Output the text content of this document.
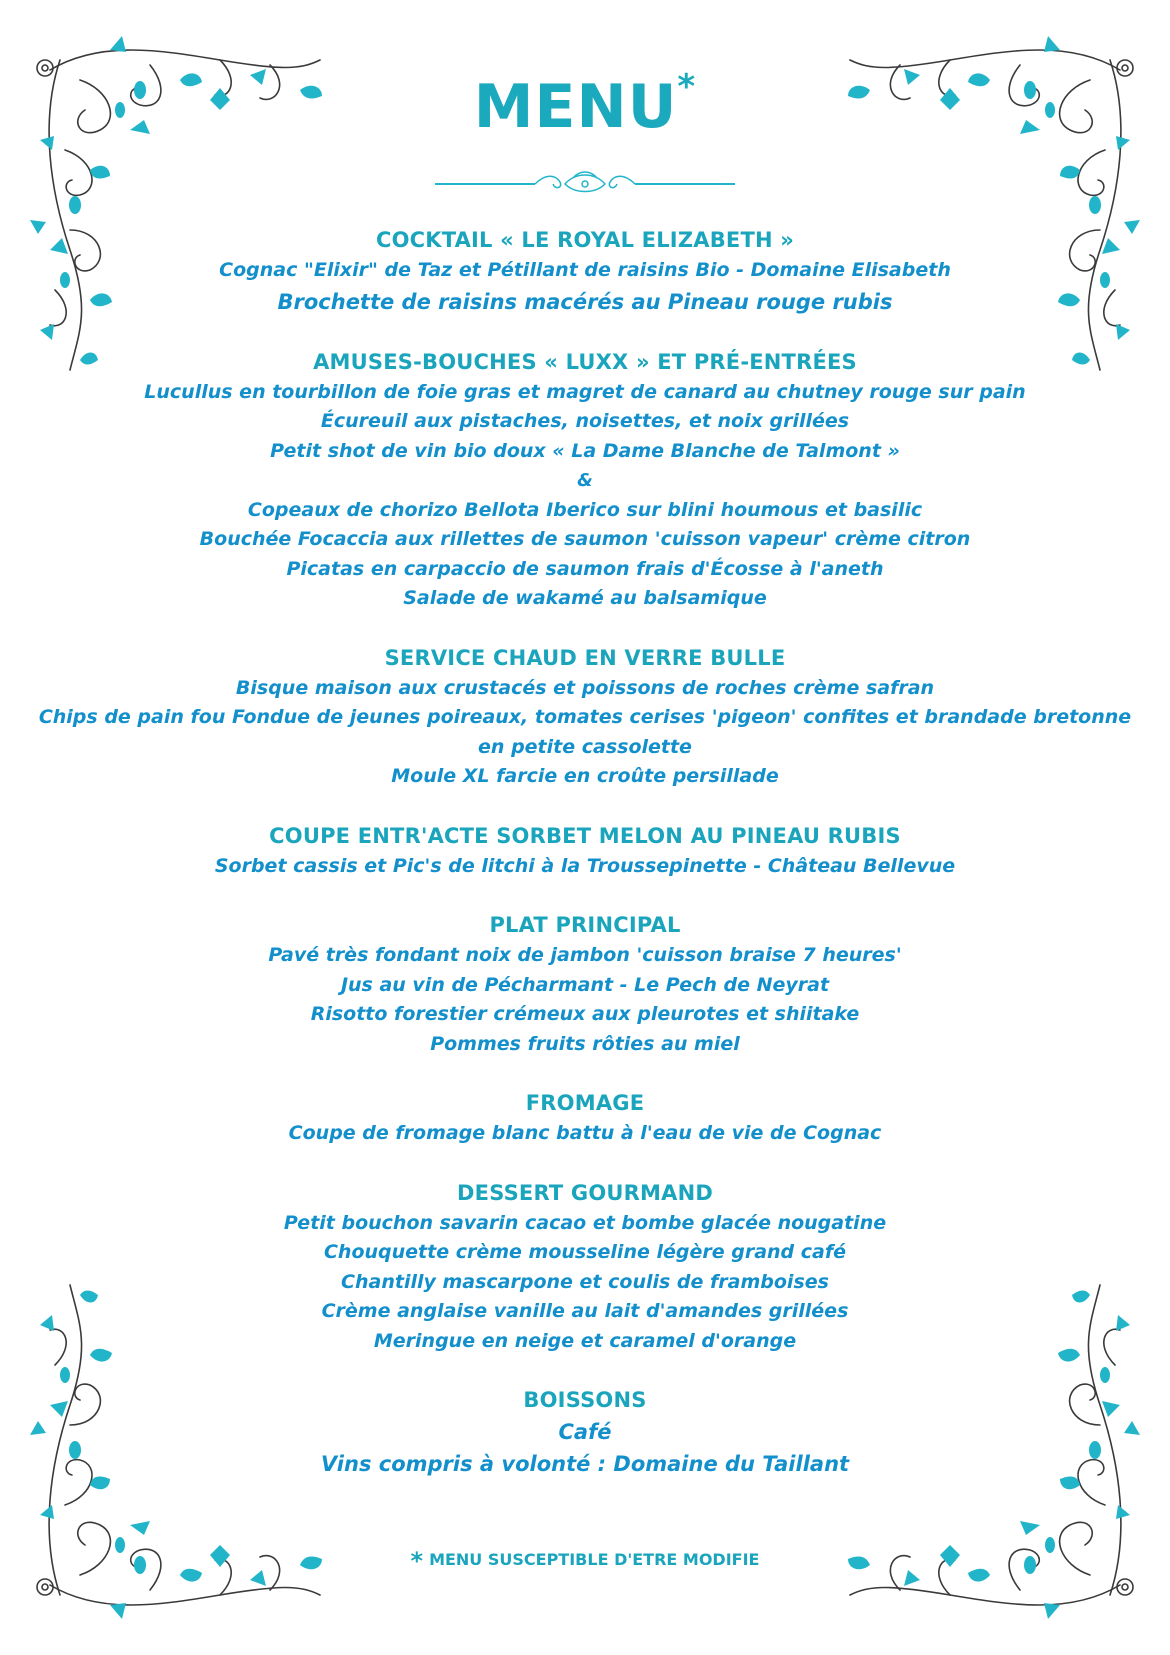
MENU*
COCKTAIL « LE ROYAL ELIZABETH »
Cognac "Elixir" de Taz et Pétillant de raisins Bio - Domaine Elisabeth
Brochette de raisins macérés au Pineau rouge rubis
AMUSES-BOUCHES « LUXX » ET PRÉ-ENTRÉES
Lucullus en tourbillon de foie gras et magret de canard au chutney rouge sur pain
Écureuil aux pistaches, noisettes, et noix grillées
Petit shot de vin bio doux « La Dame Blanche de Talmont »
&
Copeaux de chorizo Bellota Iberico sur blini houmous et basilic
Bouchée Focaccia aux rillettes de saumon 'cuisson vapeur' crème citron
Picatas en carpaccio de saumon frais d'Écosse à l'aneth
Salade de wakamé au balsamique
SERVICE CHAUD EN VERRE BULLE
Bisque maison aux crustacés et poissons de roches crème safran
Chips de pain fou Fondue de jeunes poireaux, tomates cerises 'pigeon' confites et brandade bretonne
en petite cassolette
Moule XL farcie en croûte persillade
COUPE ENTR'ACTE SORBET MELON AU PINEAU RUBIS
Sorbet cassis et Pic's de litchi à la Troussepinette - Château Bellevue
PLAT PRINCIPAL
Pavé très fondant noix de jambon 'cuisson braise 7 heures'
Jus au vin de Pécharmant - Le Pech de Neyrat
Risotto forestier crémeux aux pleurotes et shiitake
Pommes fruits rôties au miel
FROMAGE
Coupe de fromage blanc battu à l'eau de vie de Cognac
DESSERT GOURMAND
Petit bouchon savarin cacao et bombe glacée nougatine
Chouquette crème mousseline légère grand café
Chantilly mascarpone et coulis de framboises
Crème anglaise vanille au lait d'amandes grillées
Meringue en neige et caramel d'orange
BOISSONS
Café
Vins compris à volonté : Domaine du Taillant
* MENU SUSCEPTIBLE D'ETRE MODIFIE
